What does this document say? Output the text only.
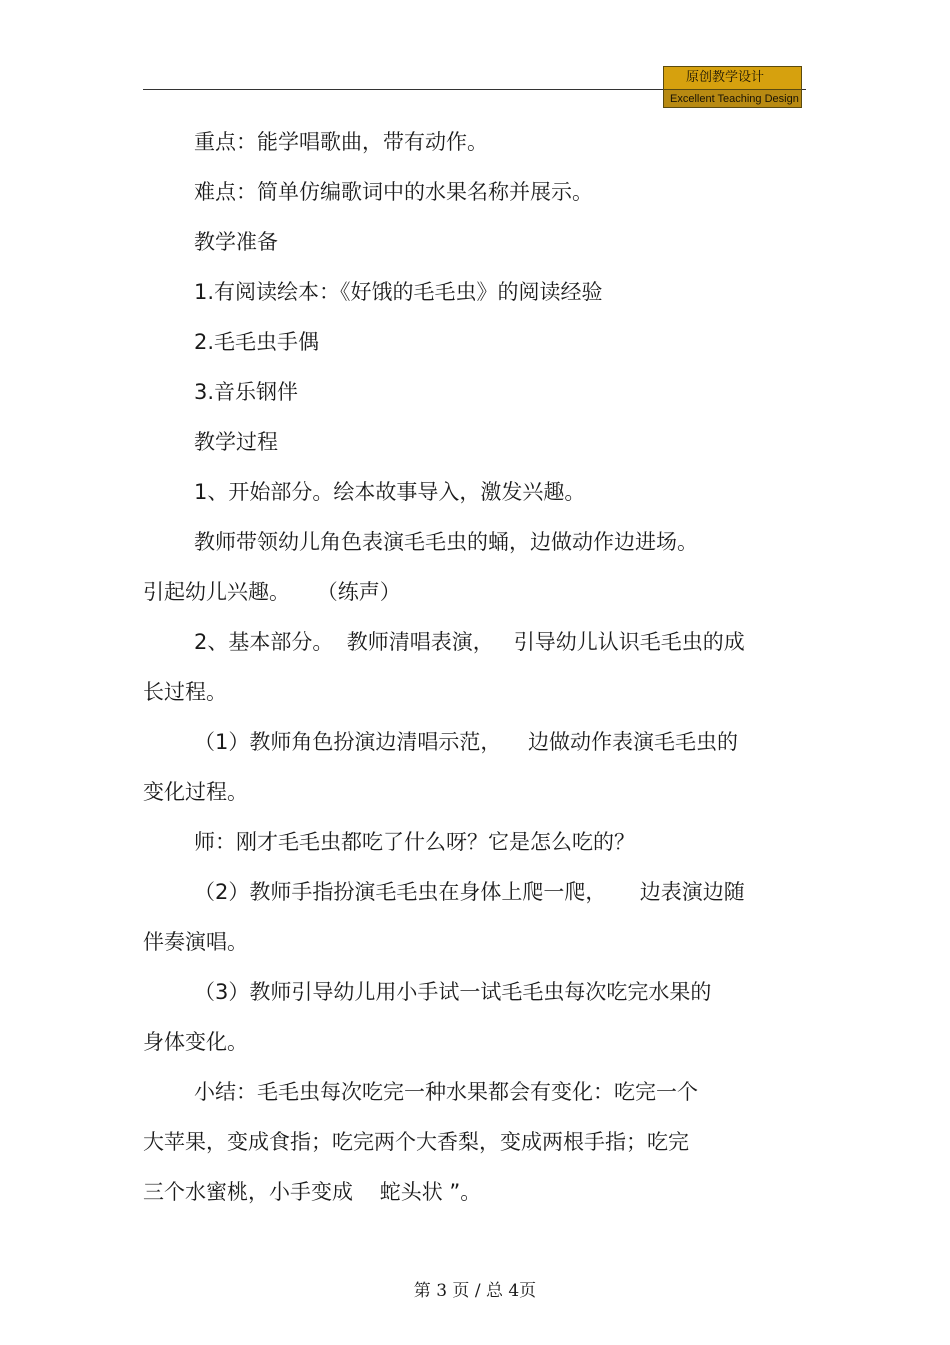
原创教学设计
Excellent Teaching Design
重点：能学唱歌曲，带有动作。
难点：简单仿编歌词中的水果名称并展示。
教学准备
1.有阅读绘本：《好饿的毛毛虫》的阅读经验
2.毛毛虫手偶
3.音乐钢伴
教学过程
1、开始部分。绘本故事导入，激发兴趣。
教师带领幼儿角色表演毛毛虫的蛹，边做动作边进场。
引起幼儿兴趣。    （练声）
2、基本部分。  教师清唱表演，   引导幼儿认识毛毛虫的成
长过程。
（1）教师角色扮演边清唱示范，    边做动作表演毛毛虫的
变化过程。
师：刚才毛毛虫都吃了什么呀？它是怎么吃的？
（2）教师手指扮演毛毛虫在身体上爬一爬，     边表演边随
伴奏演唱。
（3）教师引导幼儿用小手试一试毛毛虫每次吃完水果的
身体变化。
小结：毛毛虫每次吃完一种水果都会有变化：吃完一个
大苹果，变成食指；吃完两个大香梨，变成两根手指；吃完
三个水蜜桃，小手变成    蛇头状 ”。
第 3 页 / 总 4页
